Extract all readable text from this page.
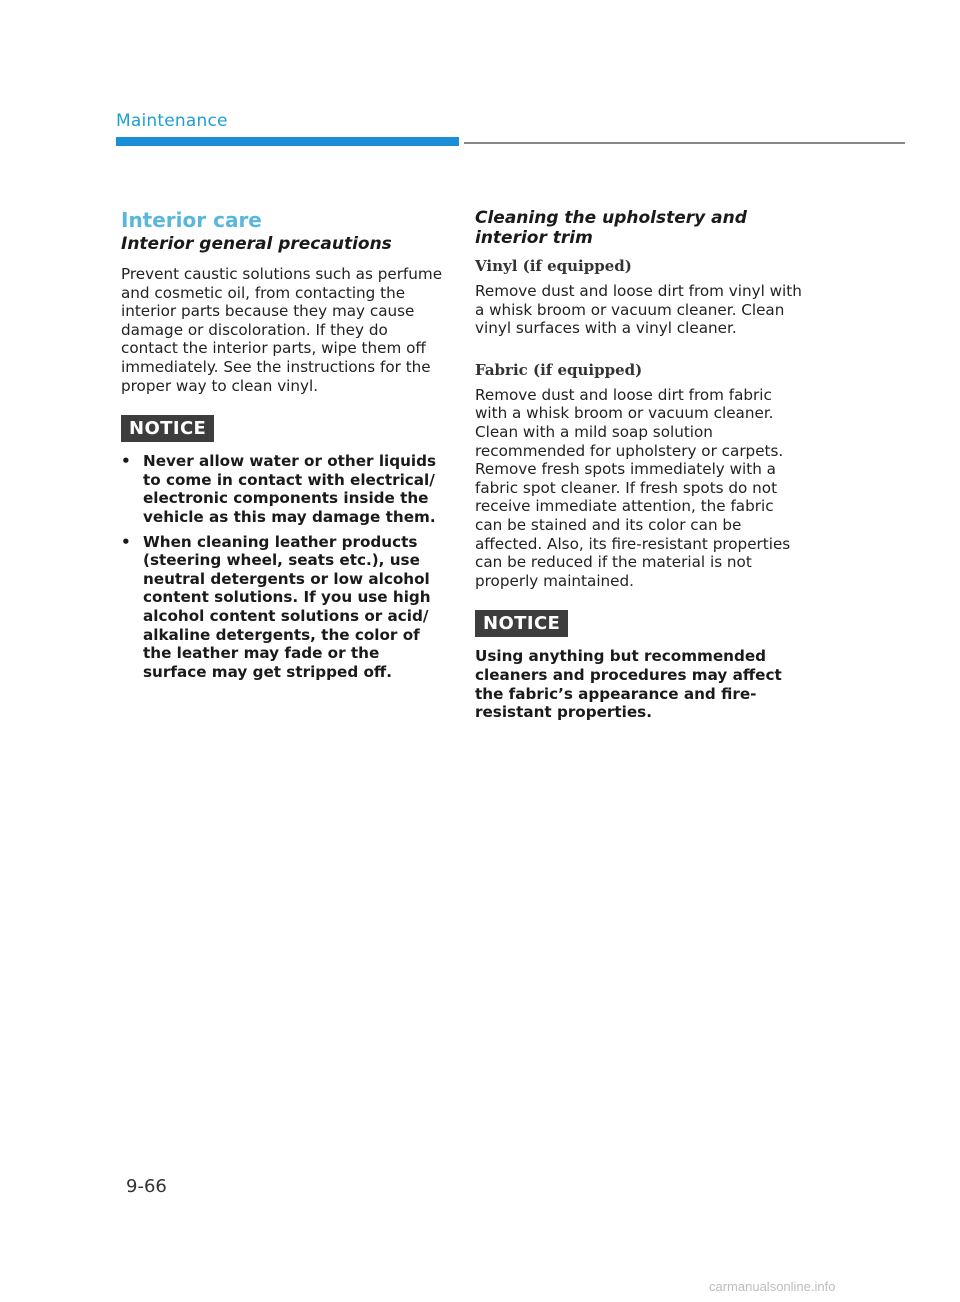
Maintenance
Interior care
Interior general precautions

Prevent caustic solutions such as perfume and cosmetic oil, from contacting the interior parts because they may cause damage or discoloration. If they do contact the interior parts, wipe them off immediately. See the instructions for the proper way to clean vinyl.

NOTICE
• Never allow water or other liquids to come in contact with electrical/ electronic components inside the vehicle as this may damage them.
• When cleaning leather products (steering wheel, seats etc.), use neutral detergents or low alcohol content solutions. If you use high alcohol content solutions or acid/ alkaline detergents, the color of the leather may fade or the surface may get stripped off.
Cleaning the upholstery and interior trim
Vinyl (if equipped)

Remove dust and loose dirt from vinyl with a whisk broom or vacuum cleaner. Clean vinyl surfaces with a vinyl cleaner.

Fabric (if equipped)

Remove dust and loose dirt from fabric with a whisk broom or vacuum cleaner. Clean with a mild soap solution recommended for upholstery or carpets. Remove fresh spots immediately with a fabric spot cleaner. If fresh spots do not receive immediate attention, the fabric can be stained and its color can be affected. Also, its fire-resistant properties can be reduced if the material is not properly maintained.

NOTICE

Using anything but recommended cleaners and procedures may affect the fabric’s appearance and fire-resistant properties.

9-66
carmanualsonline.info
